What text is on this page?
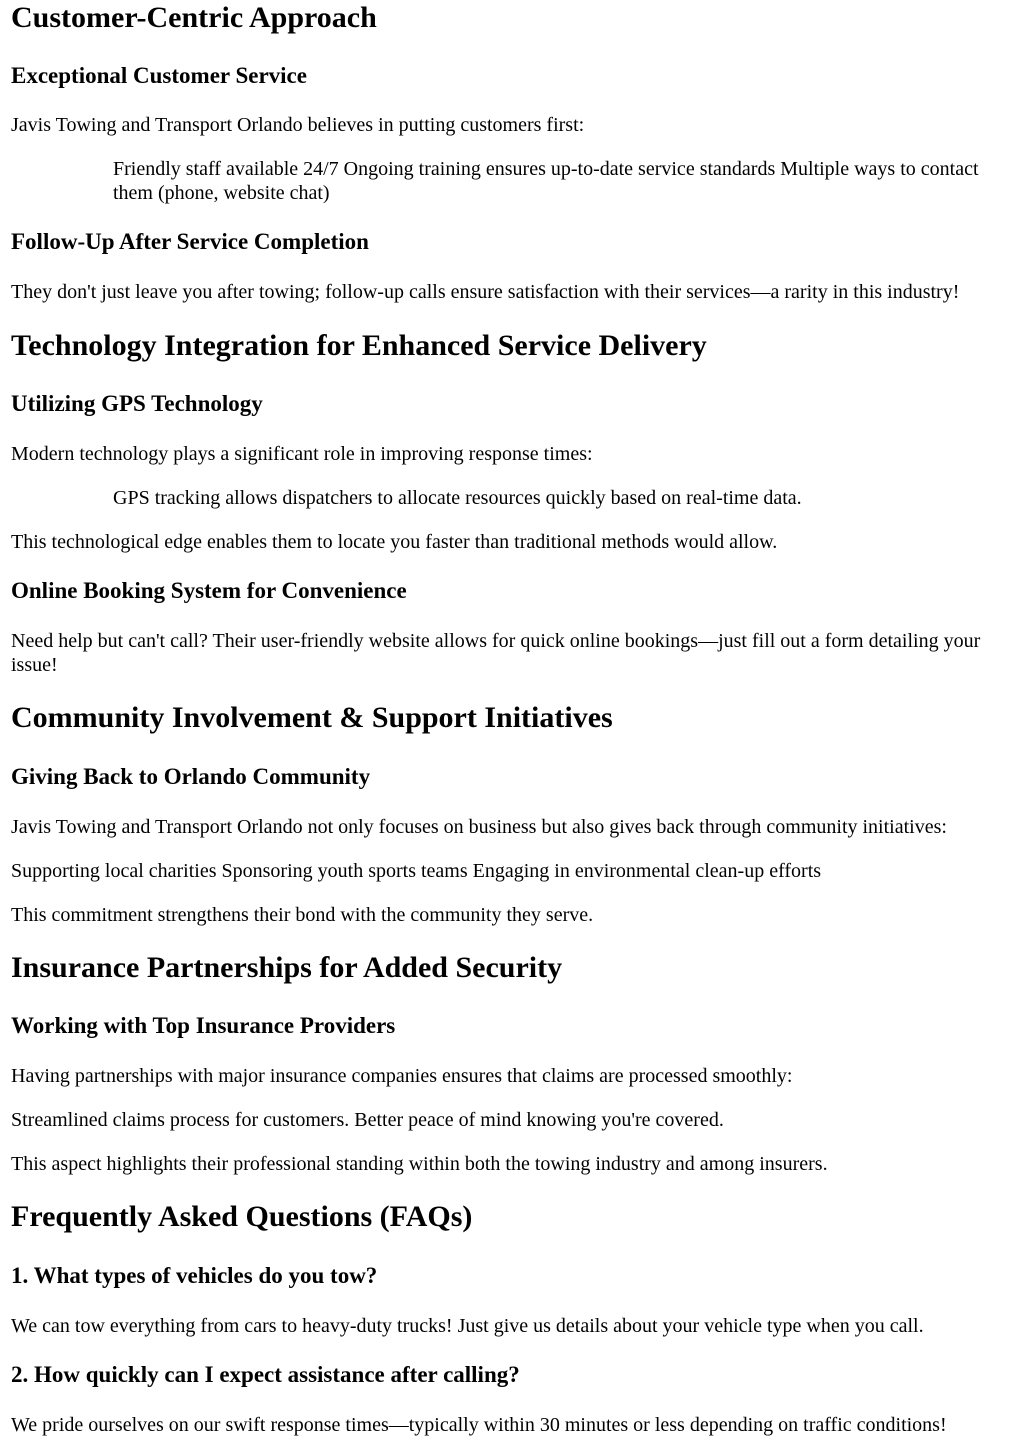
Customer-Centric Approach
Exceptional Customer Service

Javis Towing and Transport Orlando believes in putting customers first:

Friendly staff available 24/7 Ongoing training ensures up-to-date service standards Multiple ways to contact them (phone, website chat)
Follow-Up After Service Completion

They don't just leave you after towing; follow-up calls ensure satisfaction with their services—a rarity in this industry!

Technology Integration for Enhanced Service Delivery
Utilizing GPS Technology

Modern technology plays a significant role in improving response times:

GPS tracking allows dispatchers to allocate resources quickly based on real-time data.

This technological edge enables them to locate you faster than traditional methods would allow.

Online Booking System for Convenience

Need help but can't call? Their user-friendly website allows for quick online bookings—just fill out a form detailing your issue!

Community Involvement & Support Initiatives
Giving Back to Orlando Community

Javis Towing and Transport Orlando not only focuses on business but also gives back through community initiatives:

Supporting local charities Sponsoring youth sports teams Engaging in environmental clean-up efforts

This commitment strengthens their bond with the community they serve.

Insurance Partnerships for Added Security
Working with Top Insurance Providers

Having partnerships with major insurance companies ensures that claims are processed smoothly:

Streamlined claims process for customers. Better peace of mind knowing you're covered.

This aspect highlights their professional standing within both the towing industry and among insurers.

Frequently Asked Questions (FAQs)
1. What types of vehicles do you tow?

We can tow everything from cars to heavy-duty trucks! Just give us details about your vehicle type when you call.

2. How quickly can I expect assistance after calling?

We pride ourselves on our swift response times—typically within 30 minutes or less depending on traffic conditions!
